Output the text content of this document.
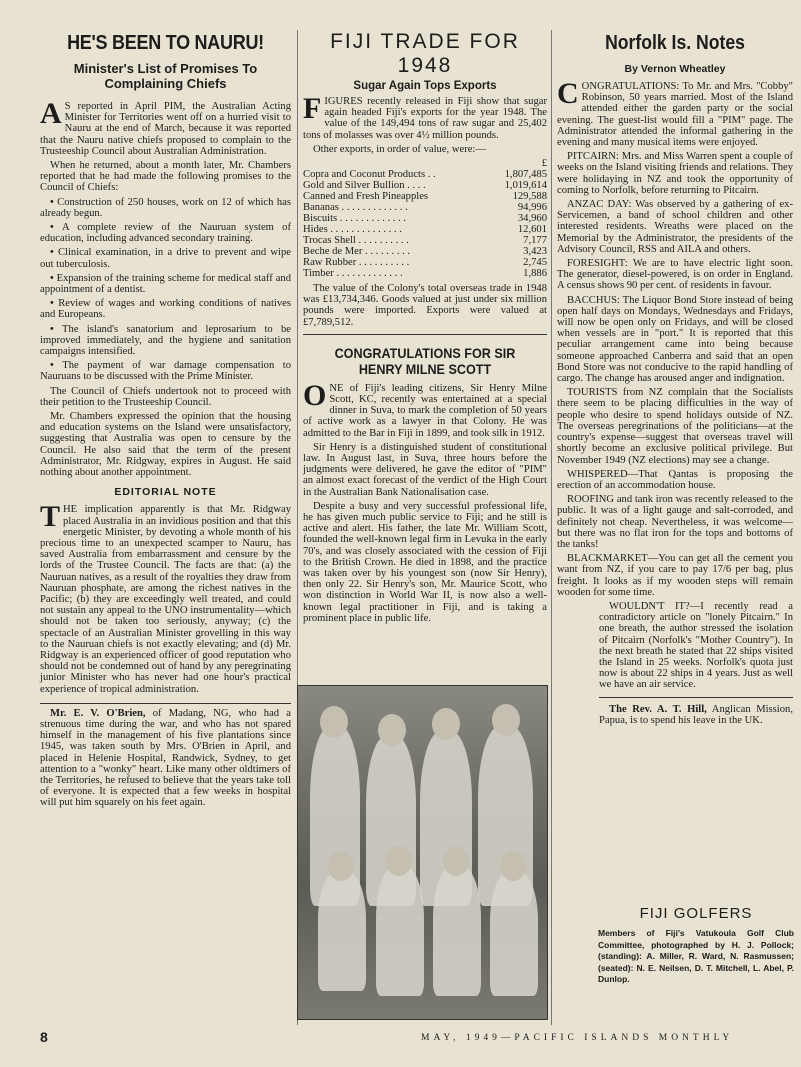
HE'S BEEN TO NAURU!
Minister's List of Promises To Complaining Chiefs

A S reported in April PIM, the Australian Acting Minister for Territories went off on a hurried visit to Nauru at the end of March, because it was reported that the Nauru native chiefs proposed to complain to the Trusteeship Council about Australian Administration.

When he returned, about a month later, Mr. Chambers reported that he had made the following promises to the Council of Chiefs:

• Construction of 250 houses, work on 12 of which has already begun.

• A complete review of the Nauruan system of education, including advanced secondary training.

• Clinical examination, in a drive to prevent and wipe out tuberculosis.

• Expansion of the training scheme for medical staff and appointment of a dentist.

• Review of wages and working conditions of natives and Europeans.

• The island's sanatorium and leprosarium to be improved immediately, and the hygiene and sanitation campaigns intensified.

• The payment of war damage compensation to Nauruans to be discussed with the Prime Minister.

The Council of Chiefs undertook not to proceed with their petition to the Trusteeship Council.

Mr. Chambers expressed the opinion that the housing and education systems on the Island were unsatisfactory, suggesting that Australia was open to censure by the Council. He also said that the term of the present Administrator, Mr. Ridgway, expires in August. He said nothing about another appointment.

EDITORIAL NOTE

THE implication apparently is that Mr. Ridgway placed Australia in an invidious position and that this energetic Minister, by devoting a whole month of his precious time to an unexpected scamper to Nauru, has saved Australia from embarrassment and censure by the lords of the Trustee Council. The facts are that: (a) the Nauruan natives, as a result of the royalties they draw from Nauruan phosphate, are among the richest natives in the Pacific; (b) they are exceedingly well treated, and could not sustain any appeal to the UNO instrumentality—which should not be taken too seriously, anyway; (c) the spectacle of an Australian Minister grovelling in this way to the Nauruan chiefs is not exactly elevating; and (d) Mr. Ridgway is an experienced officer of good reputation who should not be condemned out of hand by any peregrinating junior Minister who has never had one hour's practical experience of tropical administration.

Mr. E. V. O'Brien, of Madang, NG, who had a strenuous time during the war, and who has not spared himself in the management of his five plantations since 1945, was taken south by Mrs. O'Brien in April, and placed in Helenie Hospital, Randwick, Sydney, to get attention to a "wonky" heart. Like many other oldtimers of the Territories, he refused to believe that the years take toll of everyone. It is expected that a few weeks in hospital will put him squarely on his feet again.

FIJI TRADE FOR 1948
Sugar Again Tops Exports

FIGURES recently released in Fiji show that sugar again headed Fiji's exports for the year 1948. The value of the 149,494 tons of raw sugar and 25,402 tons of molasses was over 4½ million pounds.

Other exports, in order of value, were:—

	£
Copra and Coconut Products . .	1,807,485
Gold and Silver Bullion . . . .	1,019,614
Canned and Fresh Pineapples	129,588
Bananas . . . . . . . . . . . . .	94,996
Biscuits . . . . . . . . . . . . .	34,960
Hides . . . . . . . . . . . . . .	12,601
Trocas Shell . . . . . . . . . .	7,177
Beche de Mer . . . . . . . . .	3,423
Raw Rubber . . . . . . . . . .	2,745
Timber . . . . . . . . . . . . .	1,886

The value of the Colony's total overseas trade in 1948 was £13,734,346. Goods valued at just under six million pounds were imported. Exports were valued at £7,789,512.

CONGRATULATIONS FOR SIR HENRY MILNE SCOTT

ONE of Fiji's leading citizens, Sir Henry Milne Scott, KC, recently was entertained at a special dinner in Suva, to mark the completion of 50 years of active work as a lawyer in that Colony. He was admitted to the Bar in Fiji in 1899, and took silk in 1912.

Sir Henry is a distinguished student of constitutional law. In August last, in Suva, three hours before the judgments were delivered, he gave the editor of "PIM" an almost exact forecast of the verdict of the High Court in the Australian Bank Nationalisation case.

Despite a busy and very successful professional life, he has given much public service to Fiji; and he still is active and alert. His father, the late Mr. William Scott, founded the well-known legal firm in Levuka in the early 70's, and was closely associated with the cession of Fiji to the British Crown. He died in 1898, and the practice was taken over by his youngest son (now Sir Henry), then only 22. Sir Henry's son, Mr. Maurice Scott, who won distinction in World War II, is now also a well-known legal practitioner in Fiji, and is taking a prominent place in public life.

Norfolk Is. Notes
By Vernon Wheatley

CONGRATULATIONS: To Mr. and Mrs. "Cobby" Robinson, 50 years married. Most of the Island attended either the garden party or the social evening. The guest-list would fill a "PIM" page. The Administrator attended the informal gathering in the evening and many musical items were enjoyed.

PITCAIRN: Mrs. and Miss Warren spent a couple of weeks on the Island visiting friends and relations. They were holidaying in NZ and took the opportunity of coming to Norfolk, before returning to Pitcairn.

ANZAC DAY: Was observed by a gathering of ex-Servicemen, a band of school children and other interested residents. Wreaths were placed on the Memorial by the Administrator, the presidents of the Advisory Council, RSS and AILA and others.

FORESIGHT: We are to have electric light soon. The generator, diesel-powered, is on order in England. A census shows 90 per cent. of residents in favour.

BACCHUS: The Liquor Bond Store instead of being open half days on Mondays, Wednesdays and Fridays, will now be open only on Fridays, and will be closed when vessels are in "port." It is reported that this peculiar arrangement came into being because someone approached Canberra and said that an open Bond Store was not conducive to the rapid handling of cargo. The change has aroused anger and indignation.

TOURISTS from NZ complain that the Socialists there seem to be placing difficulties in the way of people who desire to spend holidays outside of NZ. The overseas peregrinations of the politicians—at the country's expense—suggest that overseas travel will shortly become an exclusive political privilege. But November 1949 (NZ elections) may see a change.

WHISPERED—That Qantas is proposing the erection of an accommodation house.

ROOFING and tank iron was recently released to the public. It was of a light gauge and salt-corroded, and definitely not cheap. Nevertheless, it was welcome—but there was no flat iron for the tops and bottoms of the tanks!

BLACKMARKET—You can get all the cement you want from NZ, if you care to pay 17/6 per bag, plus freight. It looks as if my wooden steps will remain wooden for some time.

WOULDN'T IT?—I recently read a contradictory article on "lonely Pitcairn." In one breath, the author stressed the isolation of Pitcairn (Norfolk's "Mother Country"). In the next breath he stated that 22 ships visited the Island in 25 weeks. Norfolk's quota just now is about 22 ships in 4 years. Just as well we have an air service.

The Rev. A. T. Hill, Anglican Mission, Papua, is to spend his leave in the UK.

FIJI GOLFERS
Members of Fiji's Vatukoula Golf Club Committee, photographed by H. J. Pollock; (standing): A. Miller, R. Ward, N. Rasmussen; (seated): N. E. Neilsen, D. T. Mitchell, L. Abel, P. Dunlop.
8	MAY, 1949—PACIFIC ISLANDS MONTHLY
